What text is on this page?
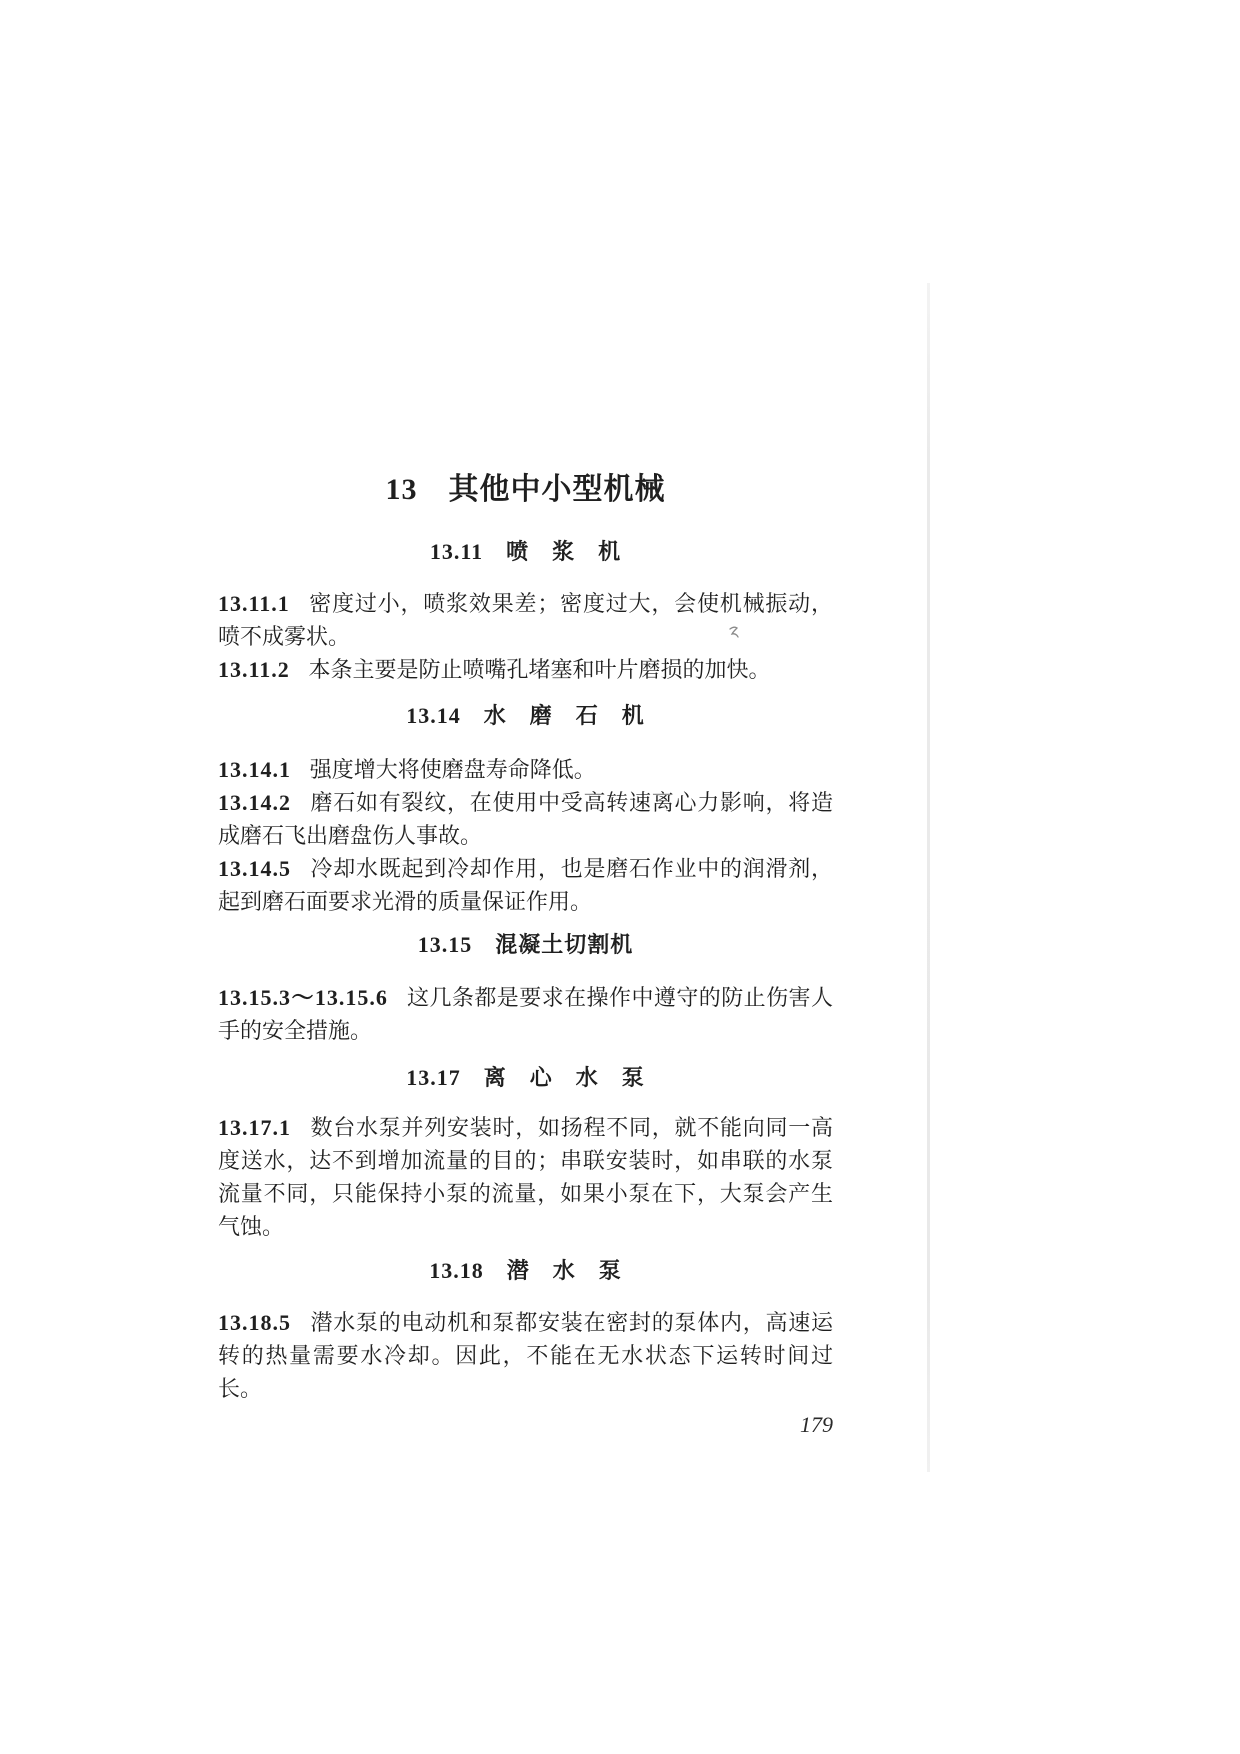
13　其他中小型机械
13.11　喷　浆　机

13.11.1 密度过小，喷浆效果差；密度过大，会使机械振动，喷不成雾状。

13.11.2 本条主要是防止喷嘴孔堵塞和叶片磨损的加快。

13.14　水　磨　石　机

13.14.1 强度增大将使磨盘寿命降低。

13.14.2 磨石如有裂纹，在使用中受高转速离心力影响，将造成磨石飞出磨盘伤人事故。

13.14.5 冷却水既起到冷却作用，也是磨石作业中的润滑剂，起到磨石面要求光滑的质量保证作用。

13.15　混凝土切割机

13.15.3～13.15.6 这几条都是要求在操作中遵守的防止伤害人手的安全措施。

13.17　离　心　水　泵

13.17.1 数台水泵并列安装时，如扬程不同，就不能向同一高度送水，达不到增加流量的目的；串联安装时，如串联的水泵流量不同，只能保持小泵的流量，如果小泵在下，大泵会产生气蚀。

13.18　潜　水　泵

13.18.5 潜水泵的电动机和泵都安装在密封的泵体内，高速运转的热量需要水冷却。因此，不能在无水状态下运转时间过长。

179
